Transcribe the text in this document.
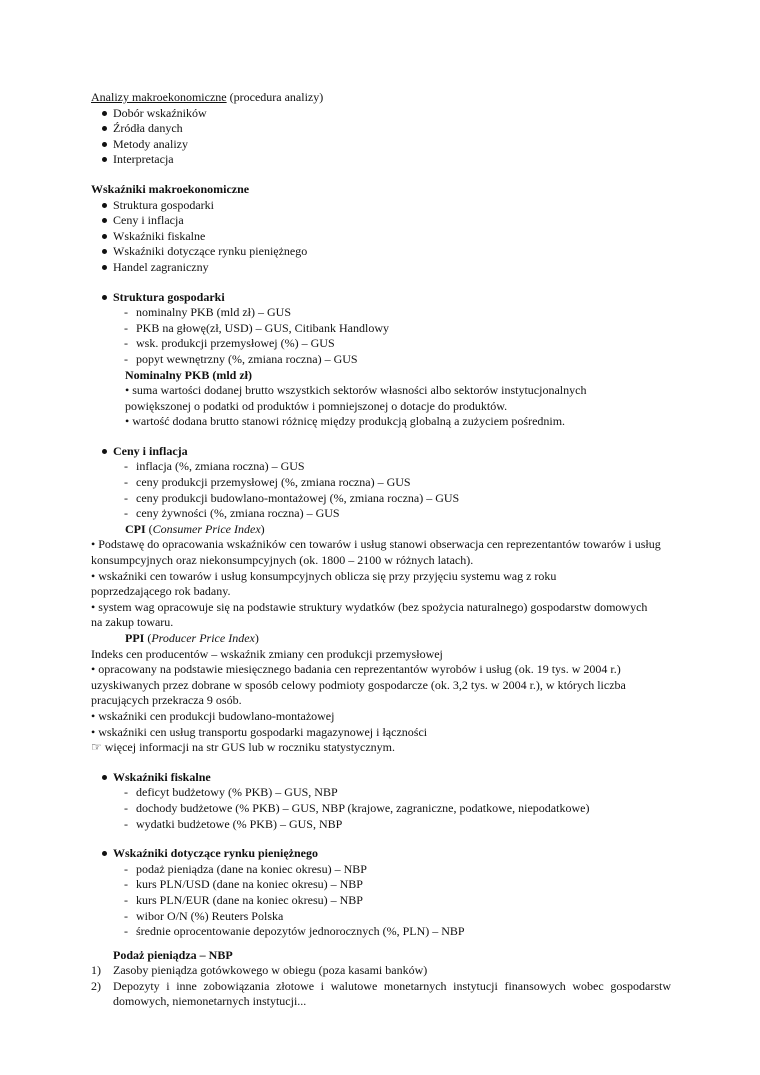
Analizy makroekonomiczne (procedura analizy)
Dobór wskaźników
Źródła danych
Metody analizy
Interpretacja
Wskaźniki makroekonomiczne
Struktura gospodarki
Ceny i inflacja
Wskaźniki fiskalne
Wskaźniki dotyczące rynku pieniężnego
Handel zagraniczny
Struktura gospodarki
- nominalny PKB (mld zł) – GUS
- PKB na głowę(zł, USD) – GUS, Citibank Handlowy
- wsk. produkcji przemysłowej (%) – GUS
- popyt wewnętrzny (%, zmiana roczna) – GUS
Nominalny PKB (mld zł)
• suma wartości dodanej brutto wszystkich sektorów własności albo sektorów instytucjonalnych
powiększonej o podatki od produktów i pomniejszonej o dotacje do produktów.
• wartość dodana brutto stanowi różnicę między produkcją globalną a zużyciem pośrednim.
Ceny i inflacja
- inflacja (%, zmiana roczna) – GUS
- ceny produkcji przemysłowej (%, zmiana roczna) – GUS
- ceny produkcji budowlano-montażowej (%, zmiana roczna) – GUS
- ceny żywności (%, zmiana roczna) – GUS
CPI (Consumer Price Index)
• Podstawę do opracowania wskaźników cen towarów i usług stanowi obserwacja cen reprezentantów towarów i usług konsumpcyjnych oraz niekonsumpcyjnych (ok. 1800 – 2100 w różnych latach).
• wskaźniki cen towarów i usług konsumpcyjnych oblicza się przy przyjęciu systemu wag z roku poprzedzającego rok badany.
• system wag opracowuje się na podstawie struktury wydatków (bez spożycia naturalnego) gospodarstw domowych na zakup towaru.
PPI (Producer Price Index)
Indeks cen producentów – wskaźnik zmiany cen produkcji przemysłowej
• opracowany na podstawie miesięcznego badania cen reprezentantów wyrobów i usług (ok. 19 tys. w 2004 r.) uzyskiwanych przez dobrane w sposób celowy podmioty gospodarcze (ok. 3,2 tys. w 2004 r.), w których liczba pracujących przekracza 9 osób.
• wskaźniki cen produkcji budowlano-montażowej
• wskaźniki cen usług transportu gospodarki magazynowej i łączności
☞ więcej informacji na str GUS lub w roczniku statystycznym.
Wskaźniki fiskalne
- deficyt budżetowy (% PKB) – GUS, NBP
- dochody budżetowe (% PKB) – GUS, NBP (krajowe, zagraniczne, podatkowe, niepodatkowe)
- wydatki budżetowe (% PKB) – GUS, NBP
Wskaźniki dotyczące rynku pieniężnego
- podaż pieniądza (dane na koniec okresu) – NBP
- kurs PLN/USD (dane na koniec okresu) – NBP
- kurs PLN/EUR (dane na koniec okresu) – NBP
- wibor O/N (%) Reuters Polska
- średnie oprocentowanie depozytów jednorocznych (%, PLN) – NBP
Podaż pieniądza – NBP
1) Zasoby pieniądza gotówkowego w obiegu (poza kasami banków)
2) Depozyty i inne zobowiązania złotowe i walutowe monetarnych instytucji finansowych wobec gospodarstw domowych, niemonetarnych instytucji...
